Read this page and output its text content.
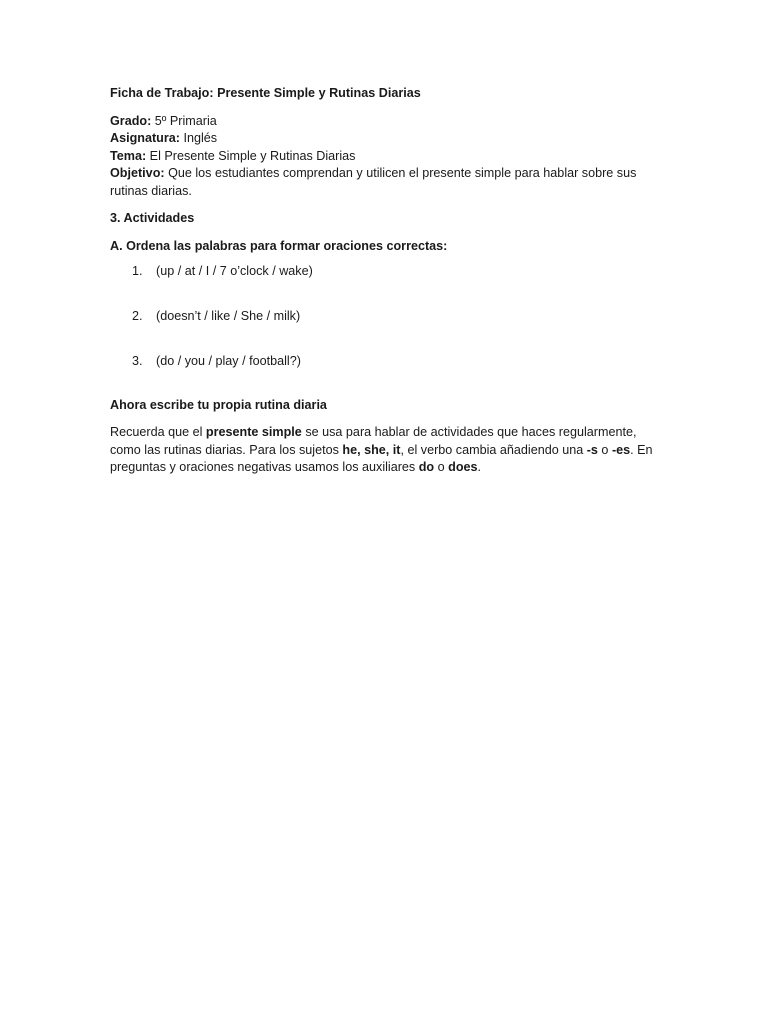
Ficha de Trabajo: Presente Simple y Rutinas Diarias

Grado: 5º Primaria

Asignatura: Inglés

Tema: El Presente Simple y Rutinas Diarias

Objetivo: Que los estudiantes comprendan y utilicen el presente simple para hablar sobre sus rutinas diarias.

3. Actividades

A. Ordena las palabras para formar oraciones correctas:

1. (up / at / I / 7 o’clock / wake)
2. (doesn’t / like / She / milk)
3. (do / you / play / football?)

Ahora escribe tu propia rutina diaria

Recuerda que el presente simple se usa para hablar de actividades que haces regularmente, como las rutinas diarias. Para los sujetos he, she, it, el verbo cambia añadiendo una -s o -es. En preguntas y oraciones negativas usamos los auxiliares do o does.
